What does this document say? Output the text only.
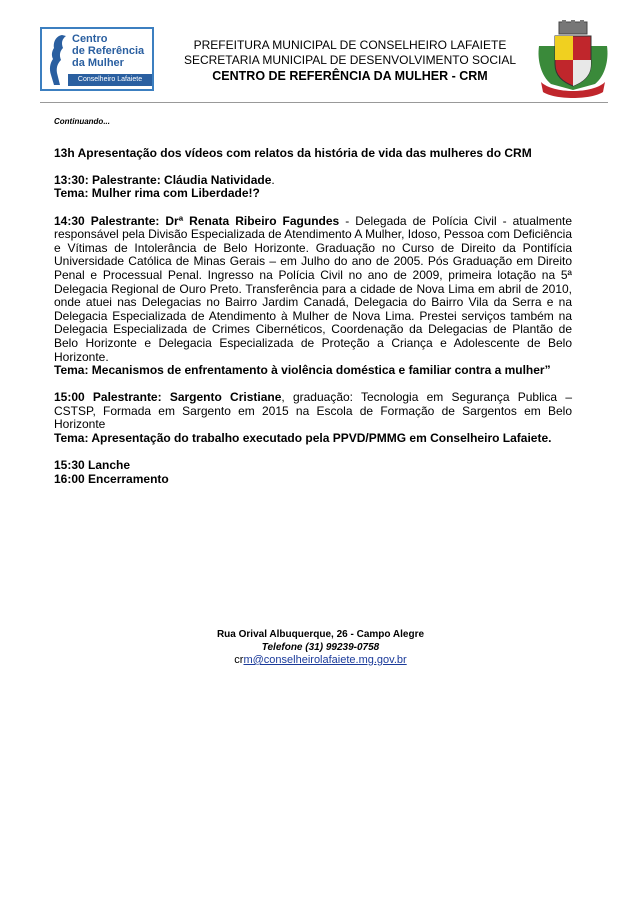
Centro
de Referência
da Mulher
Conselheiro Lafaiete
PREFEITURA MUNICIPAL DE CONSELHEIRO LAFAIETE
SECRETARIA MUNICIPAL DE DESENVOLVIMENTO SOCIAL
CENTRO DE REFERÊNCIA DA MULHER - CRM

Continuando...

13h Apresentação dos vídeos com relatos da história de vida das mulheres do CRM

13:30: Palestrante: Cláudia Natividade.

Tema: Mulher rima com Liberdade!?

14:30 Palestrante: Drª Renata Ribeiro Fagundes - Delegada de Polícia Civil - atualmente responsável pela Divisão Especializada de Atendimento A Mulher, Idoso, Pessoa com Deficiência e Vítimas de Intolerância de Belo Horizonte. Graduação no Curso de Direito da Pontifícia Universidade Católica de Minas Gerais – em Julho do ano de 2005. Pós Graduação em Direito Penal e Processual Penal. Ingresso na Polícia Civil no ano de 2009, primeira lotação na 5ª Delegacia Regional de Ouro Preto. Transferência para a cidade de Nova Lima em abril de 2010, onde atuei nas Delegacias no Bairro Jardim Canadá, Delegacia do Bairro Vila da Serra e na Delegacia Especializada de Atendimento à Mulher de Nova Lima. Prestei serviços também na Delegacia Especializada de Crimes Cibernéticos, Coordenação da Delegacias de Plantão de Belo Horizonte e Delegacia Especializada de Proteção a Criança e Adolescente de Belo Horizonte.

Tema: Mecanismos de enfrentamento à violência doméstica e familiar contra a mulher”

15:00 Palestrante: Sargento Cristiane, graduação: Tecnologia em Segurança Publica – CSTSP, Formada em Sargento em 2015 na Escola de Formação de Sargentos em Belo Horizonte

Tema: Apresentação do trabalho executado pela PPVD/PMMG em Conselheiro Lafaiete.

15:30 Lanche

16:00 Encerramento

Rua Orival Albuquerque, 26 - Campo Alegre
Telefone (31) 99239-0758
crm@conselheirolafaiete.mg.gov.br
